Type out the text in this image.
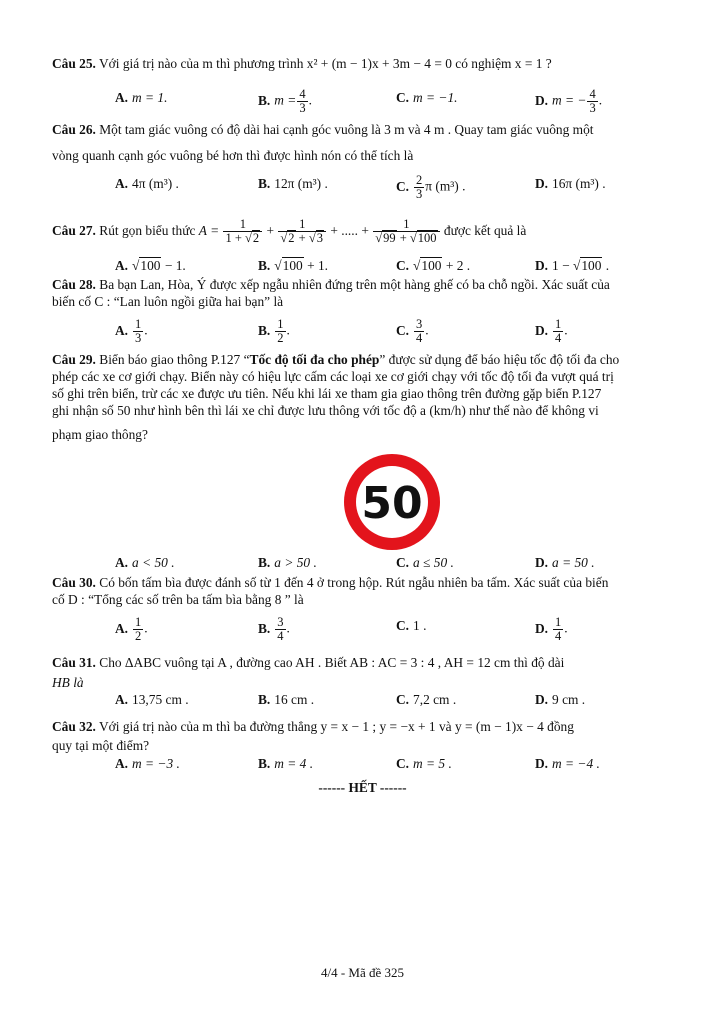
Câu 25. Với giá trị nào của m thì phương trình x² + (m − 1)x + 3m − 4 = 0 có nghiệm x = 1 ?
A. m = 1.	B. $m = \frac{4}{3}$ .	C. m = −1.	D. m = − $\frac{4}{3}$ .
Câu 26. Một tam giác vuông có độ dài hai cạnh góc vuông là 3 m và 4 m . Quay tam giác vuông một
vòng quanh cạnh góc vuông bé hơn thì được hình nón có thể tích là
A. 4π (m³) .	B. 12π (m³) .	C. $\frac{2}{3}$ π (m³) .	D. 16π (m³) .
Câu 27. Rút gọn biểu thức $A = \frac{1}{1 + √2} + \frac{1}{√2 + √3}$ + ..... + $\frac{1}{√99 + √100}$ được kết quả là
A. √100 − 1.	B. √100 + 1.	C. √100 + 2 .	D. 1 − √100 .
Câu 28. Ba bạn Lan, Hòa, Ý được xếp ngẫu nhiên đứng trên một hàng ghế có ba chỗ ngồi. Xác suất của
biến cố C : “Lan luôn ngồi giữa hai bạn” là
A. $\frac{1}{3}$ .	B. $\frac{1}{2}$ .	C. $\frac{3}{4}$ .	D. $\frac{1}{4}$ .
Câu 29. Biển báo giao thông P.127 “Tốc độ tối đa cho phép” được sử dụng để báo hiệu tốc độ tối đa cho
phép các xe cơ giới chạy. Biển này có hiệu lực cấm các loại xe cơ giới chạy với tốc độ tối đa vượt quá trị
số ghi trên biển, trừ các xe được ưu tiên. Nếu khi lái xe tham gia giao thông trên đường gặp biển P.127
ghi nhận số 50 như hình bên thì lái xe chỉ được lưu thông với tốc độ a (km/h) như thế nào để không vi
phạm giao thông?
50
A. a < 50 .	B. a > 50 .	C. a ≤ 50 .	D. a = 50 .
Câu 30. Có bốn tấm bìa được đánh số từ 1 đến 4 ở trong hộp. Rút ngẫu nhiên ba tấm. Xác suất của biến
cố D : “Tổng các số trên ba tấm bìa bằng 8 ” là
A. $\frac{1}{2}$ .	B. $\frac{3}{4}$ .	C. 1 .	D. $\frac{1}{4}$ .
Câu 31. Cho ΔABC vuông tại A , đường cao AH . Biết AB : AC = 3 : 4 , AH = 12 cm thì độ dài
HB là
A. 13,75 cm .	B. 16 cm .	C. 7,2 cm .	D. 9 cm .
Câu 32. Với giá trị nào của m thì ba đường thẳng y = x − 1 ; y = −x + 1 và y = (m − 1)x − 4 đồng
quy tại một điểm?
A. m = −3 .	B. m = 4 .	C. m = 5 .	D. m = −4 .
------ HẾT ------
4/4 - Mã đề 325
